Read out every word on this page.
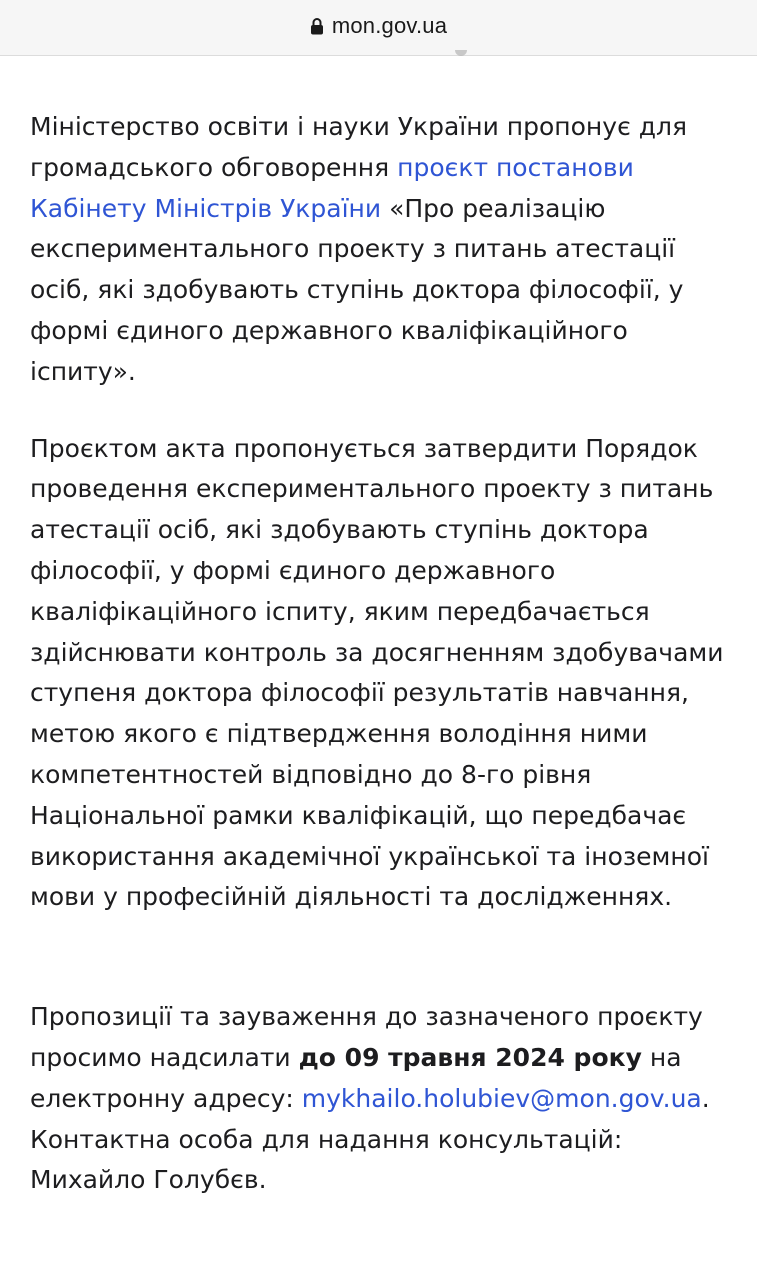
mon.gov.ua

Міністерство освіти і науки України пропонує для громадського обговорення проєкт постанови Кабінету Міністрів України «Про реалізацію експериментального проекту з питань атестації осіб, які здобувають ступінь доктора філософії, у формі єдиного державного кваліфікаційного іспиту».

Проєктом акта пропонується затвердити Порядок проведення експериментального проекту з питань атестації осіб, які здобувають ступінь доктора філософії, у формі єдиного державного кваліфікаційного іспиту, яким передбачається здійснювати контроль за досягненням здобувачами ступеня доктора філософії результатів навчання, метою якого є підтвердження володіння ними компетентностей відповідно до 8-го рівня Національної рамки кваліфікацій, що передбачає використання академічної української та іноземної мови у професійній діяльності та дослідженнях.

Пропозиції та зауваження до зазначеного проєкту просимо надсилати до 09 травня 2024 року на електронну адресу: mykhailo.holubiev@mon.gov.ua. Контактна особа для надання консультацій: Михайло Голубєв.
